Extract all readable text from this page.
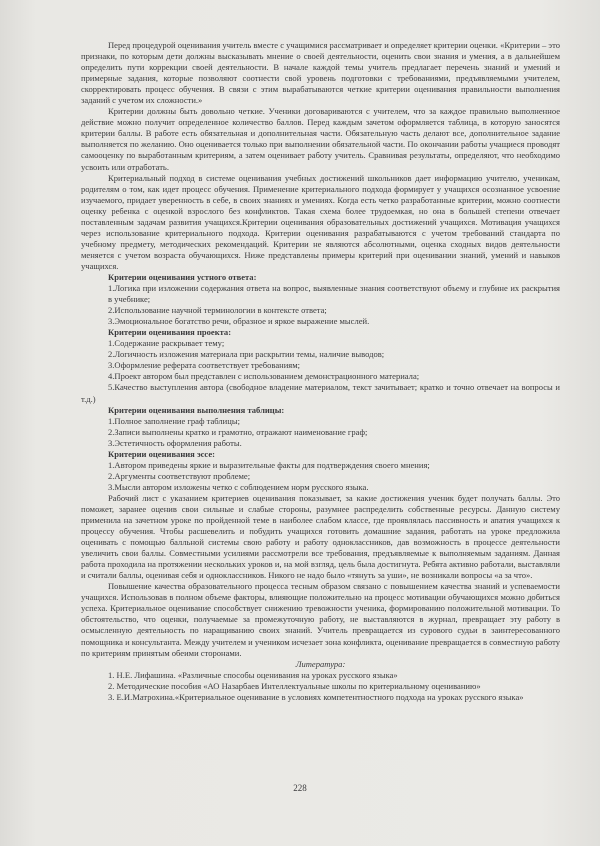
Перед процедурой оценивания учитель вместе с учащимися рассматривает и определяет критерии оценки. «Критерии – это признаки, по которым дети должны высказывать мнение о своей деятельности, оценить свои знания и умения, а в дальнейшем определить пути коррекции своей деятельности. В начале каждой темы учитель предлагает перечень знаний и умений и примерные задания, которые позволяют соотнести свой уровень подготовки с требованиями, предъявляемыми учителем, скорректировать процесс обучения. В связи с этим вырабатываются четкие критерии оценивания правильности выполнения заданий с учетом их сложности.»

Критерии должны быть довольно четкие. Ученики договариваются с учителем, что за каждое правильно выполненное действие можно получит определенное количество баллов. Перед каждым зачетом оформляется таблица, в которую заносятся критерии баллы. В работе есть обязательная и дополнительная части. Обязательную часть делают все, дополнительное задание выполняется по желанию. Оно оценивается только при выполнении обязательной части. По окончании работы учащиеся проводят самооценку по выработанным критериям, а затем оценивает работу учитель. Сравнивая результаты, определяют, что необходимо усвоить или отработать.

Критериальный подход в системе оценивания учебных достижений школьников дает информацию учителю, ученикам, родителям о том, как идет процесс обучения. Применение критериального подхода формирует у учащихся осознанное усвоение изучаемого, придает уверенность в себе, в своих знаниях и умениях. Когда есть четко разработанные критерии, можно соотнести оценку ребенка с оценкой взрослого без конфликтов. Такая схема более трудоемкая, но она в большей степени отвечает поставленным задачам развития учащихся.Критерии оценивания образовательных достижений учащихся. Мотивация учащихся через использование критериального подхода. Критерии оценивания разрабатываются с учетом требований стандарта по учебному предмету, методических рекомендаций. Критерии не являются абсолютными, оценка сходных видов деятельности меняется с учетом возраста обучающихся. Ниже представлены примеры критерий при оценивании знаний, умений и навыков учащихся.

Критерии оценивания устного ответа:

1.Логика при изложении содержания ответа на вопрос, выявленные знания соответствуют объему и глубине их раскрытия в учебнике;

2.Использование научной терминологии в контексте ответа;

3.Эмоциональное богатство речи, образное и яркое выражение мыслей.

Критерии оценивания проекта:

1.Содержание раскрывает тему;

2.Логичность изложения материала при раскрытии темы, наличие выводов;

3.Оформление реферата соответствует требованиям;

4.Проект автором был представлен с использованием демонстрационного материала;

5.Качество выступления автора (свободное владение материалом, текст зачитывает; кратко и точно отвечает на вопросы и т.д.)

Критерии оценивания выполнения таблицы:

1.Полное заполнение граф таблицы;

2.Записи выполнены кратко и грамотно, отражают наименование граф;

3.Эстетичность оформления работы.

Критерии оценивания эссе:

1.Автором приведены яркие и выразительные факты для подтверждения своего мнения;

2.Аргументы соответствуют проблеме;

3.Мысли автором изложены четко с соблюдением норм русского языка.

Рабочий лист с указанием критериев оценивания показывает, за какие достижения ученик будет получать баллы. Это поможет, заранее оценив свои сильные и слабые стороны, разумнее распределить собственные ресурсы. Данную систему применила на зачетном уроке по пройденной теме в наиболее слабом классе, где проявлялась пассивность и апатия учащихся к процессу обучения. Чтобы расшевелить и побудить учащихся готовить домашние задания, работать на уроке предложила оценивать с помощью балльной системы свою работу и работу одноклассников, дав возможность в процессе деятельности увеличить свои баллы. Совместными усилиями рассмотрели все требования, предъявляемые к выполняемым заданиям. Данная работа проходила на протяжении нескольких уроков и, на мой взгляд, цель была достигнута. Ребята активно работали, выставляли и считали баллы, оценивая себя и одноклассников. Никого не надо было «тянуть за уши», не возникали вопросы «а за что».

Повышение качества образовательного процесса тесным образом связано с повышением качества знаний и успеваемости учащихся. Использовав в полном объеме факторы, влияющие положительно на процесс мотивации обучающихся можно добиться успеха. Критериальное оценивание способствует снижению тревожности ученика, формированию положительной мотивации. То обстоятельство, что оценки, получаемые за промежуточную работу, не выставляются в журнал, превращает эту работу в осмысленную деятельность по наращиванию своих знаний. Учитель превращается из сурового судьи в заинтересованного помощника и консультанта. Между учителем и учеником исчезает зона конфликта, оценивание превращается в совместную работу по критериям принятым обеими сторонами.

Литература:

1. Н.Е. Лифашина. «Различные способы оценивания на уроках русского языка»

2. Методические пособия «АО Назарбаев Интеллектуальные школы по критериальному оцениванию»

3. Е.И.Матрохина.«Критериальное оценивание в условиях компетентностного подхода на уроках русского языка»

228
